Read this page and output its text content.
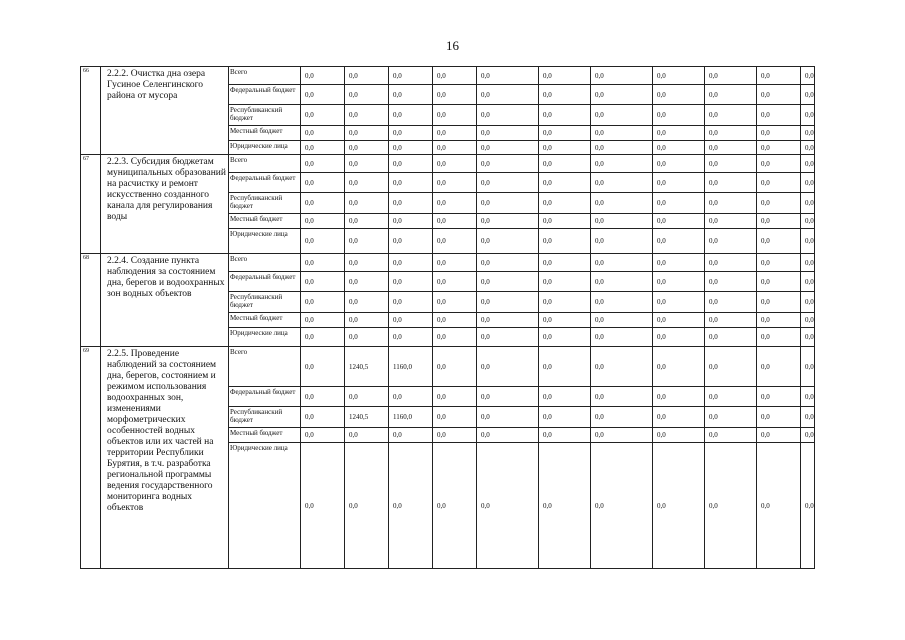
16
66	2.2.2. Очистка дна озера Гусиное Селенгинского района от мусора	Всего	0,0	0,0	0,0	0,0	0,0	0,0	0,0	0,0	0,0	0,0	0,0
		Федеральный бюджет	0,0	0,0	0,0	0,0	0,0	0,0	0,0	0,0	0,0	0,0	0,0
		Республиканский бюджет	0,0	0,0	0,0	0,0	0,0	0,0	0,0	0,0	0,0	0,0	0,0
		Местный бюджет	0,0	0,0	0,0	0,0	0,0	0,0	0,0	0,0	0,0	0,0	0,0
		Юридические лица	0,0	0,0	0,0	0,0	0,0	0,0	0,0	0,0	0,0	0,0	0,0
67	2.2.3. Субсидия бюджетам муниципальных образований на расчистку и ремонт искусственно созданного канала для регулирования воды	Всего	0,0	0,0	0,0	0,0	0,0	0,0	0,0	0,0	0,0	0,0	0,0
		Федеральный бюджет	0,0	0,0	0,0	0,0	0,0	0,0	0,0	0,0	0,0	0,0	0,0
		Республиканский бюджет	0,0	0,0	0,0	0,0	0,0	0,0	0,0	0,0	0,0	0,0	0,0
		Местный бюджет	0,0	0,0	0,0	0,0	0,0	0,0	0,0	0,0	0,0	0,0	0,0
		Юридические лица	0,0	0,0	0,0	0,0	0,0	0,0	0,0	0,0	0,0	0,0	0,0
68	2.2.4. Создание пункта наблюдения за состоянием дна, берегов и водоохранных зон водных объектов	Всего	0,0	0,0	0,0	0,0	0,0	0,0	0,0	0,0	0,0	0,0	0,0
		Федеральный бюджет	0,0	0,0	0,0	0,0	0,0	0,0	0,0	0,0	0,0	0,0	0,0
		Республиканский бюджет	0,0	0,0	0,0	0,0	0,0	0,0	0,0	0,0	0,0	0,0	0,0
		Местный бюджет	0,0	0,0	0,0	0,0	0,0	0,0	0,0	0,0	0,0	0,0	0,0
		Юридические лица	0,0	0,0	0,0	0,0	0,0	0,0	0,0	0,0	0,0	0,0	0,0
69	2.2.5. Проведение наблюдений за состоянием дна, берегов, состоянием и режимом использования водоохранных зон, изменениями морфометрических особенностей водных объектов или их частей на территории Республики Бурятия, в т.ч. разработка региональной программы ведения государственного мониторинга водных объектов	Всего	0,0	1240,5	1160,0	0,0	0,0	0,0	0,0	0,0	0,0	0,0	0,0
		Федеральный бюджет	0,0	0,0	0,0	0,0	0,0	0,0	0,0	0,0	0,0	0,0	0,0
		Республиканский бюджет	0,0	1240,5	1160,0	0,0	0,0	0,0	0,0	0,0	0,0	0,0	0,0
		Местный бюджет	0,0	0,0	0,0	0,0	0,0	0,0	0,0	0,0	0,0	0,0	0,0
		Юридические лица	0,0	0,0	0,0	0,0	0,0	0,0	0,0	0,0	0,0	0,0	0,0
